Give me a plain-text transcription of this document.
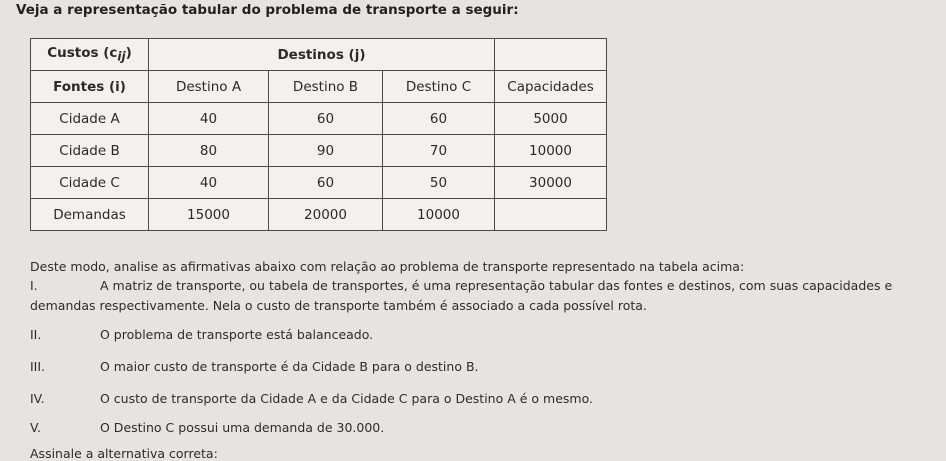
Veja a representação tabular do problema de transporte a seguir:
Custos $(c_{ij})$	Destinos (j)			
Fontes (i)	Destino A	Destino B	Destino C	Capacidades
Cidade A	40	60	60	5000
Cidade B	80	90	70	10000
Cidade C	40	60	50	30000
Demandas	15000	20000	10000	
Deste modo, analise as afirmativas abaixo com relação ao problema de transporte representado na tabela acima:
I.	A matriz de transporte, ou tabela de transportes, é uma representação tabular das fontes e destinos, com suas capacidades e
demandas respectivamente. Nela o custo de transporte também é associado a cada possível rota.
II.	O problema de transporte está balanceado.
III.	O maior custo de transporte é da Cidade B para o destino B.
IV.	O custo de transporte da Cidade A e da Cidade C para o Destino A é o mesmo.
V.	O Destino C possui uma demanda de 30.000.
Assinale a alternativa correta:
